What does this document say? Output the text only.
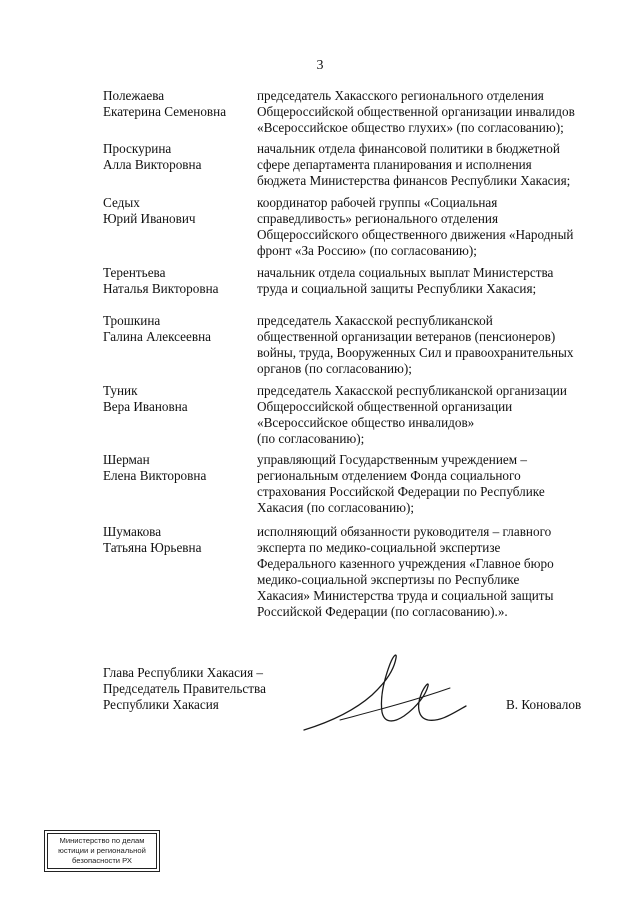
3
Полежаева
Екатерина Семеновна
председатель Хакасского регионального отделения
Общероссийской общественной организации инвалидов
«Всероссийское общество глухих» (по согласованию);
Проскурина
Алла Викторовна
начальник отдела финансовой политики в бюджетной
сфере департамента планирования и исполнения
бюджета Министерства финансов Республики Хакасия;
Седых
Юрий Иванович
координатор рабочей группы «Социальная
справедливость» регионального отделения
Общероссийского общественного движения «Народный
фронт «За Россию» (по согласованию);
Терентьева
Наталья Викторовна
начальник отдела социальных выплат Министерства
труда и социальной защиты Республики Хакасия;
Трошкина
Галина Алексеевна
председатель Хакасской республиканской
общественной организации ветеранов (пенсионеров)
войны, труда, Вооруженных Сил и правоохранительных
органов (по согласованию);
Туник
Вера Ивановна
председатель Хакасской республиканской организации
Общероссийской общественной организации
«Всероссийское общество инвалидов»
(по согласованию);
Шерман
Елена Викторовна
управляющий Государственным учреждением –
региональным отделением Фонда социального
страхования Российской Федерации по Республике
Хакасия (по согласованию);
Шумакова
Татьяна Юрьевна
исполняющий обязанности руководителя – главного
эксперта по медико-социальной экспертизе
Федерального казенного учреждения «Главное бюро
медико-социальной экспертизы по Республике
Хакасия» Министерства труда и социальной защиты
Российской Федерации (по согласованию).».
Глава Республики Хакасия –
Председатель Правительства
Республики Хакасия	В. Коновалов
Министерство по делам
юстиции и региональной
безопасности РХ
